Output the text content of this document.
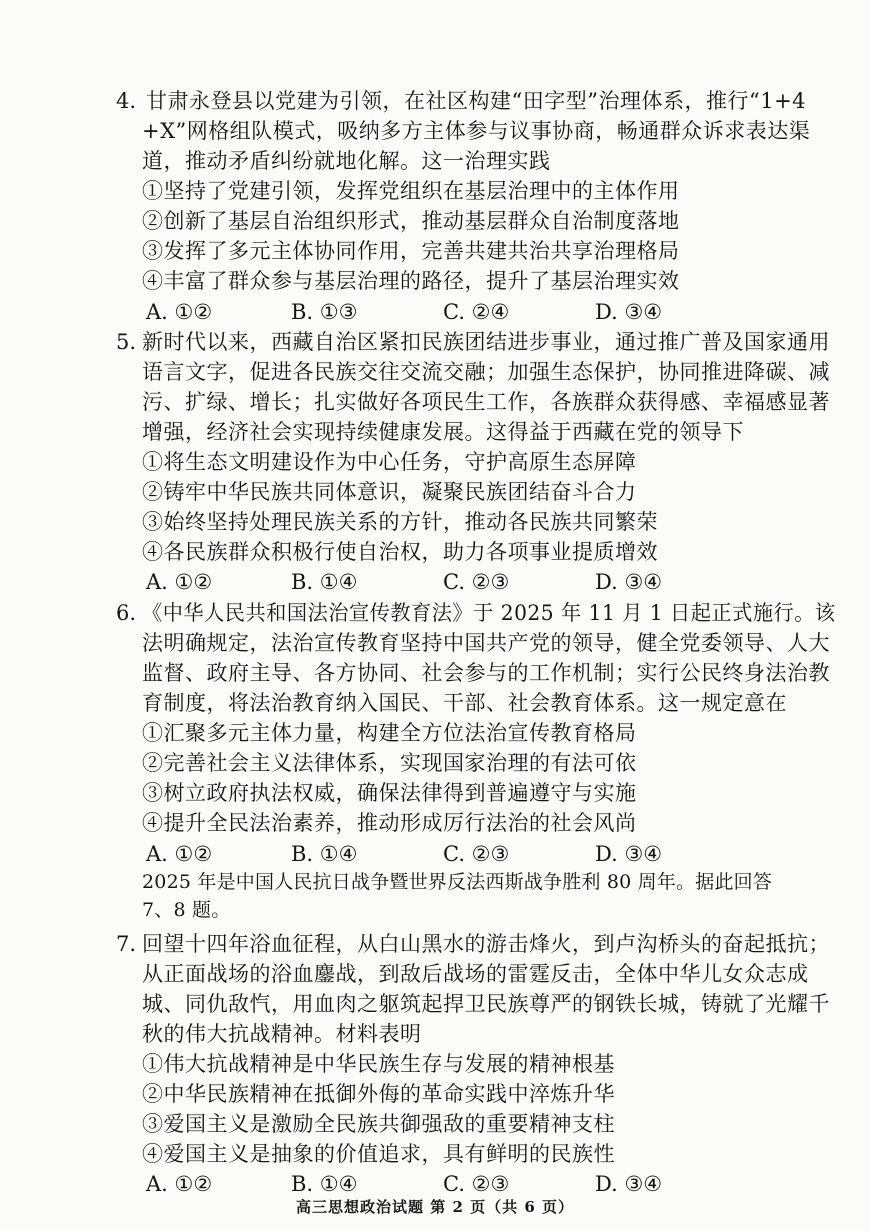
4. 甘肃永登县以党建为引领，在社区构建“田字型”治理体系，推行“1+4
+X”网格组队模式，吸纳多方主体参与议事协商，畅通群众诉求表达渠
道，推动矛盾纠纷就地化解。这一治理实践
①坚持了党建引领，发挥党组织在基层治理中的主体作用
②创新了基层自治组织形式，推动基层群众自治制度落地
③发挥了多元主体协同作用，完善共建共治共享治理格局
④丰富了群众参与基层治理的路径，提升了基层治理实效
A. ①②	B. ①③	C. ②④	D. ③④
5. 新时代以来，西藏自治区紧扣民族团结进步事业，通过推广普及国家通用
语言文字，促进各民族交往交流交融；加强生态保护，协同推进降碳、减
污、扩绿、增长；扎实做好各项民生工作，各族群众获得感、幸福感显著
增强，经济社会实现持续健康发展。这得益于西藏在党的领导下
①将生态文明建设作为中心任务，守护高原生态屏障
②铸牢中华民族共同体意识，凝聚民族团结奋斗合力
③始终坚持处理民族关系的方针，推动各民族共同繁荣
④各民族群众积极行使自治权，助力各项事业提质增效
A. ①②	B. ①④	C. ②③	D. ③④
6. 《中华人民共和国法治宣传教育法》于 2025 年 11 月 1 日起正式施行。该
法明确规定，法治宣传教育坚持中国共产党的领导，健全党委领导、人大
监督、政府主导、各方协同、社会参与的工作机制；实行公民终身法治教
育制度，将法治教育纳入国民、干部、社会教育体系。这一规定意在
①汇聚多元主体力量，构建全方位法治宣传教育格局
②完善社会主义法律体系，实现国家治理的有法可依
③树立政府执法权威，确保法律得到普遍遵守与实施
④提升全民法治素养，推动形成厉行法治的社会风尚
A. ①②	B. ①④	C. ②③	D. ③④
2025 年是中国人民抗日战争暨世界反法西斯战争胜利 80 周年。据此回答
7、8 题。
7. 回望十四年浴血征程，从白山黑水的游击烽火，到卢沟桥头的奋起抵抗；
从正面战场的浴血鏖战，到敌后战场的雷霆反击，全体中华儿女众志成
城、同仇敌忾，用血肉之躯筑起捍卫民族尊严的钢铁长城，铸就了光耀千
秋的伟大抗战精神。材料表明
①伟大抗战精神是中华民族生存与发展的精神根基
②中华民族精神在抵御外侮的革命实践中淬炼升华
③爱国主义是激励全民族共御强敌的重要精神支柱
④爱国主义是抽象的价值追求，具有鲜明的民族性
A. ①②	B. ①④	C. ②③	D. ③④
高三思想政治试题 第 2 页（共 6 页）
